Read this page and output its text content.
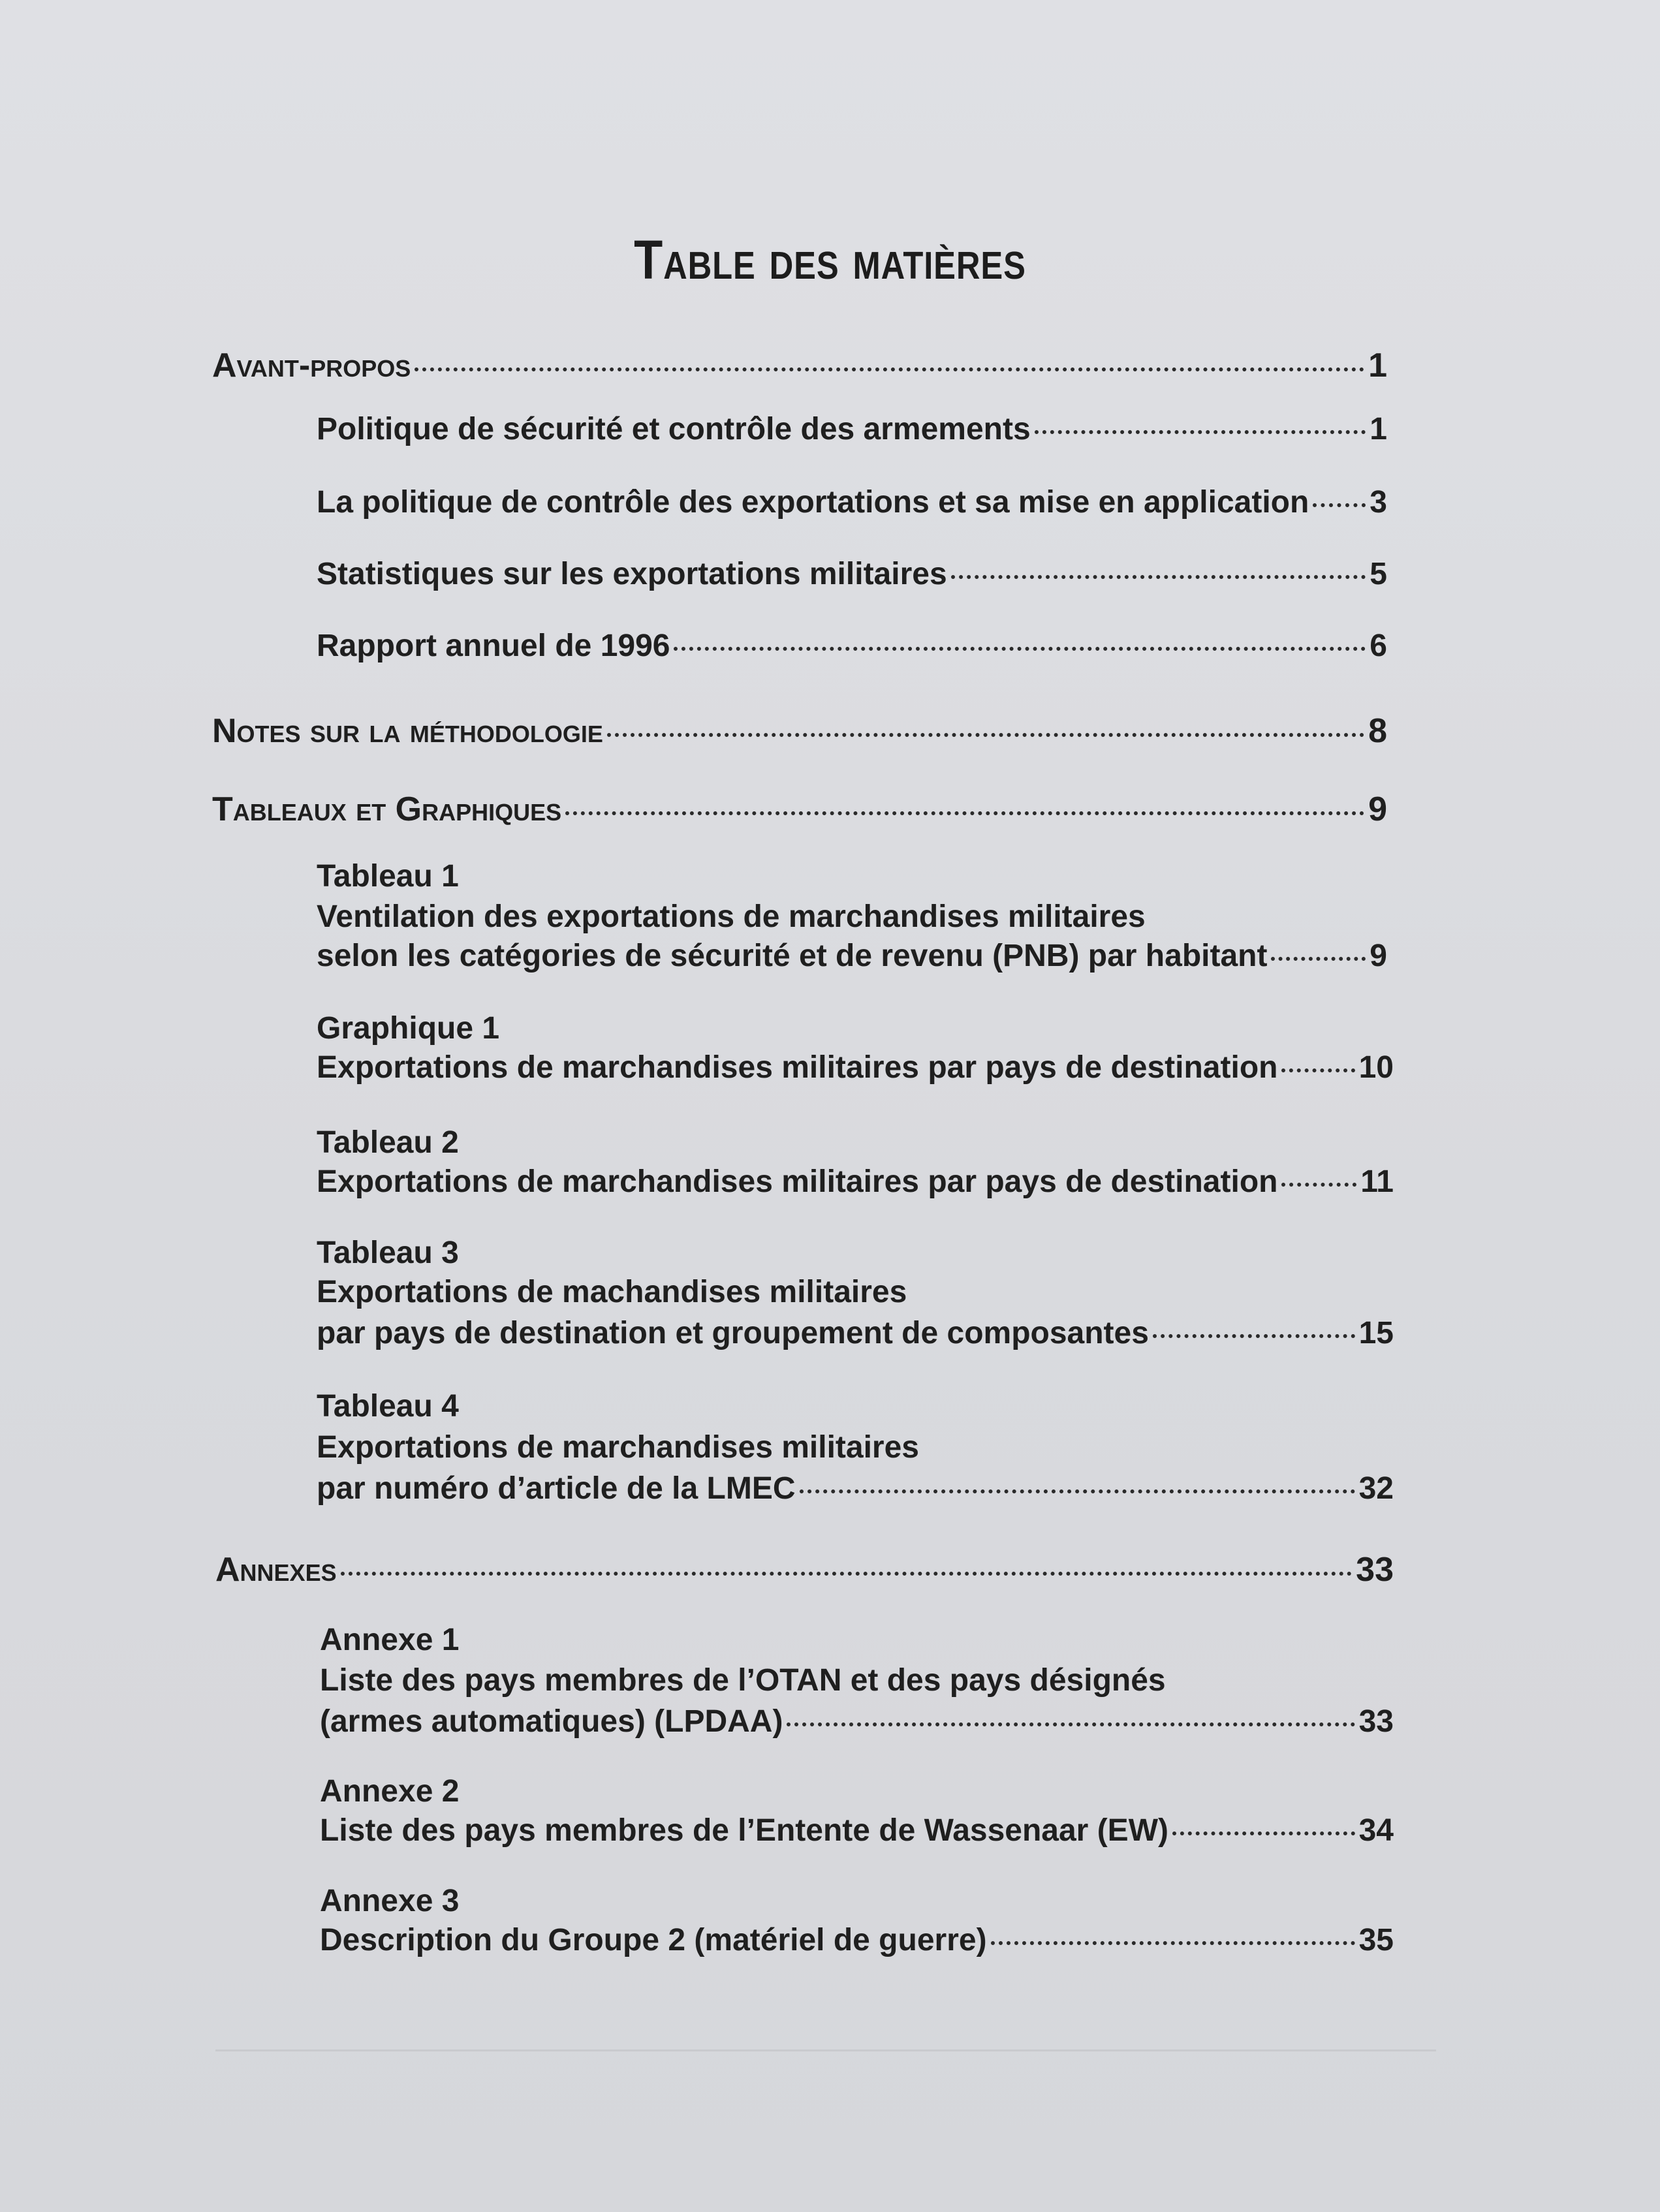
Table des matières
Avant-propos	1
Politique de sécurité et contrôle des armements	1
La politique de contrôle des exportations et sa mise en application 3
Statistiques sur les exportations militaires	5
Rapport annuel de 1996	6
Notes sur la méthodologie	8
Tableaux et Graphiques	9
Tableau 1
Ventilation des exportations de marchandises militaires
selon les catégories de sécurité et de revenu (PNB) par habitant	9
Graphique 1
Exportations de marchandises militaires par pays de destination	10
Tableau 2
Exportations de marchandises militaires par pays de destination	11
Tableau 3
Exportations de machandises militaires
par pays de destination et groupement de composantes	15
Tableau 4
Exportations de marchandises militaires
par numéro d’article de la LMEC	32
Annexes	33
Annexe 1
Liste des pays membres de l’OTAN et des pays désignés
(armes automatiques) (LPDAA)	33
Annexe 2
Liste des pays membres de l’Entente de Wassenaar (EW)	34
Annexe 3
Description du Groupe 2 (matériel de guerre)	35
